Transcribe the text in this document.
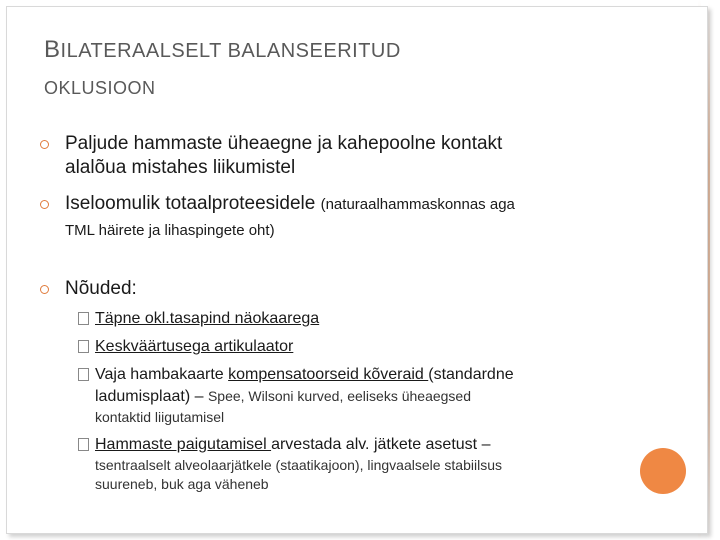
BILATERAALSELT BALANSEERITUD
OKLUSIOON
Paljude hammaste üheaegne ja kahepoolne kontakt
alalõua mistahes liikumistel
Iseloomulik totaalproteesidele (naturaalhammaskonnas aga
TML häirete ja lihaspingete oht)
Nõuded:
Täpne okl.tasapind näokaarega
Keskväärtusega artikulaator
Vaja hambakaarte kompensatoorseid kõveraid (standardne
ladumisplaat) – Spee, Wilsoni kurved, eeliseks üheaegsed
kontaktid liigutamisel
Hammaste paigutamisel arvestada alv. jätkete asetust –
tsentraalselt alveolaarjätkele (staatikajoon), lingvaalsele stabiilsus
suureneb, buk aga väheneb
